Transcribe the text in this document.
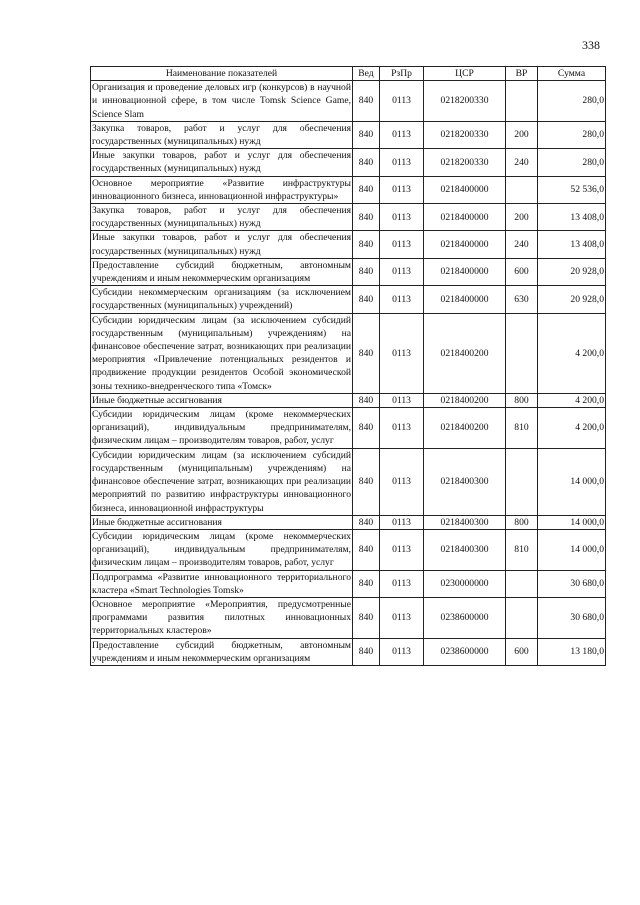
338
Наименование показателей	Вед	РзПр	ЦСР	ВР	Сумма
Организация и проведение деловых игр (конкурсов) в научной и инновационной сфере, в том числе Tomsk Science Game, Science Slam	840	0113	0218200330		280,0
Закупка товаров, работ и услуг для обеспечения государственных (муниципальных) нужд	840	0113	0218200330	200	280,0
Иные закупки товаров, работ и услуг для обеспечения государственных (муниципальных) нужд	840	0113	0218200330	240	280,0
Основное мероприятие «Развитие инфраструктуры инновационного бизнеса, инновационной инфраструктуры»	840	0113	0218400000		52 536,0
Закупка товаров, работ и услуг для обеспечения государственных (муниципальных) нужд	840	0113	0218400000	200	13 408,0
Иные закупки товаров, работ и услуг для обеспечения государственных (муниципальных) нужд	840	0113	0218400000	240	13 408,0
Предоставление субсидий бюджетным, автономным учреждениям и иным некоммерческим организациям	840	0113	0218400000	600	20 928,0
Субсидии некоммерческим организациям (за исключением государственных (муниципальных) учреждений)	840	0113	0218400000	630	20 928,0
Субсидии юридическим лицам (за исключением субсидий государственным (муниципальным) учреждениям) на финансовое обеспечение затрат, возникающих при реализации мероприятия «Привлечение потенциальных резидентов и продвижение продукции резидентов Особой экономической зоны технико-внедренческого типа «Томск»	840	0113	0218400200		4 200,0
Иные бюджетные ассигнования	840	0113	0218400200	800	4 200,0
Субсидии юридическим лицам (кроме некоммерческих организаций), индивидуальным предпринимателям, физическим лицам – производителям товаров, работ, услуг	840	0113	0218400200	810	4 200,0
Субсидии юридическим лицам (за исключением субсидий государственным (муниципальным) учреждениям) на финансовое обеспечение затрат, возникающих при реализации мероприятий по развитию инфраструктуры инновационного бизнеса, инновационной инфраструктуры	840	0113	0218400300		14 000,0
Иные бюджетные ассигнования	840	0113	0218400300	800	14 000,0
Субсидии юридическим лицам (кроме некоммерческих организаций), индивидуальным предпринимателям, физическим лицам – производителям товаров, работ, услуг	840	0113	0218400300	810	14 000,0
Подпрограмма «Развитие инновационного территориального кластера «Smart Technologies Tomsk»	840	0113	0230000000		30 680,0
Основное мероприятие «Мероприятия, предусмотренные программами развития пилотных инновационных территориальных кластеров»	840	0113	0238600000		30 680,0
Предоставление субсидий бюджетным, автономным учреждениям и иным некоммерческим организациям	840	0113	0238600000	600	13 180,0
